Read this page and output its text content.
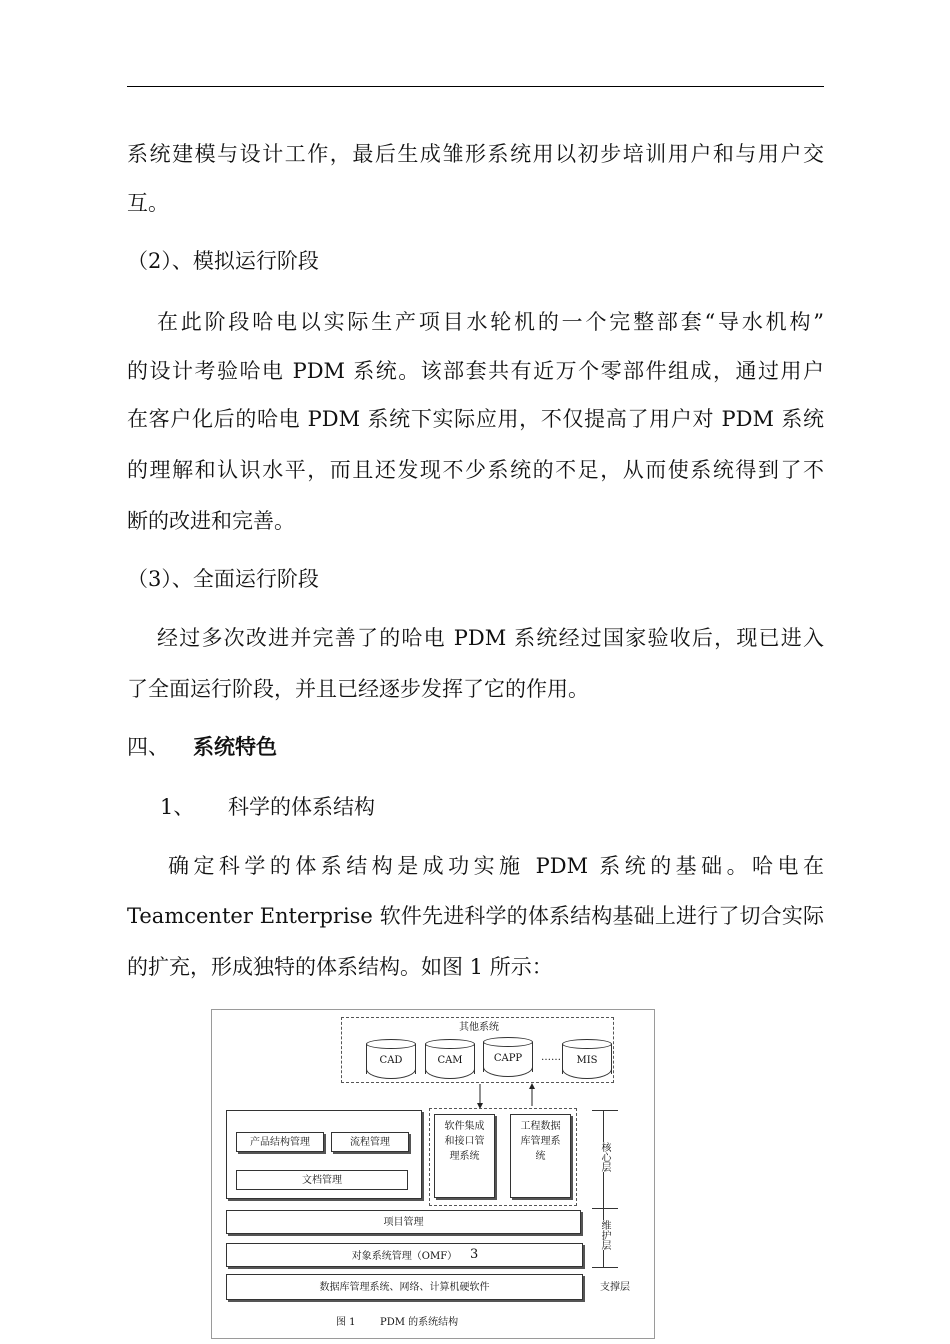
系统建模与设计工作，最后生成雏形系统用以初步培训用户和与用户交
互。
（2）、模拟运行阶段
在此阶段哈电以实际生产项目水轮机的一个完整部套“导水机构”
的设计考验哈电 PDM 系统。该部套共有近万个零部件组成，通过用户
在客户化后的哈电 PDM 系统下实际应用，不仅提高了用户对 PDM 系统
的理解和认识水平，而且还发现不少系统的不足，从而使系统得到了不
断的改进和完善。
（3）、全面运行阶段
经过多次改进并完善了的哈电 PDM 系统经过国家验收后，现已进入
了全面运行阶段，并且已经逐步发挥了它的作用。
四、	系统特色
1、	科学的体系结构
确定科学的体系结构是成功实施 PDM 系统的基础。哈电在
Teamcenter Enterprise 软件先进科学的体系结构基础上进行了切合实际
的扩充，形成独特的体系结构。如图 1 所示：
其他系统
CAD	CAM	CAPP	……	MIS
产品结构管理	流程管理
文档管理
软件集成和接口管理系统
工程数据库管理系统
项目管理
对象系统管理（OMF）
数据库管理系统、网络、计算机硬软件
核心层
维护层
支撑层
图 1 PDM 的系统结构
3
